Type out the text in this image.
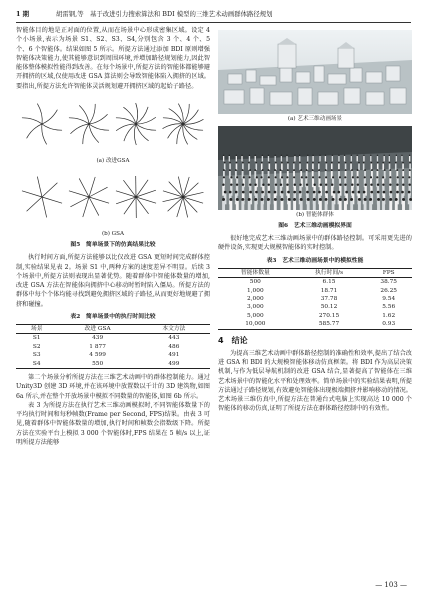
1 期	胡雷钢,等　基于改进引力搜索算法和 BDI 模型的三维艺术动画群体路径规划

智能体目的地是正对面的位置,从而在场景中心形成密集区域。设定 4 个小场景,表示为场景 S1、S2、S3、S4,分别包含 3 个、4 个、5 个、6 个智能体。结果如图 5 所示。所提方法通过添加 BDI 原则增强智能体决策能力,使其能够意识到周围环境,并增加路径规划能力,因此智能体整体模拟性能得到改善。在每个场景中,所提方法的智能体都能够避开拥挤的区域,仅使用改进 GSA 算法则会导致智能体陷入拥挤的区域。要指出,所提方法允许智能体灵活规划避开拥挤区域的起始子路径。

(a) 改进GSA
(b) GSA
图5　简单场景下的仿真结果比较

执行时间方面,所提方法能够以比仅改进 GSA 更短时间完成群体控制,实验结果见表 2。场景 S1 中,两种方案的速度差异不明显。后续 3 个场景中,所提方法则表现出显著优势。随着群体中智能体数量的增加,改进 GSA 方法在智能体向拥挤中心移动时暂时陷入僵局。所提方法的群体中每个个体均能寻找到避免拥挤区域的子路径,从而更好地规避了拥挤和碰撞。

表2　简单场景中的执行时间比较
场景	改进 GSA	本文方法
S1	439	443
S2	1 877	486
S3	4 599	491
S4	550	499

第二个场景分析所提方法在三维艺术动画中的群体控制能力。通过 Unity3D 创建 3D 环境,并在该环境中放置数以千计的 3D 建筑物,如图 6a 所示,并在整个开放场景中模拟不同数量的智能体,如图 6b 所示。

表 3 为所提方法在执行艺术三维动画模拟时,不同智能体数量下的平均执行时间和每秒帧数(Frame per Second, FPS)结果。由表 3 可见,随着群体中智能体数量的增加,执行时间和帧数会指数级下降。所提方法在实验平台上模拟 3 000 个智能体时,FPS 结果在 5 帧/s 以上,证明所提方法能够

(a) 艺术三维动画场景
(b) 智能体群体
图6　艺术三维动画模拟界面

很好地完成艺术三维动画场景中的群体路径控制。可采用更先进的硬件设备,实现更大规模智能体的实时控制。

表3　艺术三维动画场景中的模拟性能
智能体数量	执行时间/s	FPS
500	6.15	38.75
1,000	18.71	26.25
2,000	37.78	9.54
3,000	50.12	5.56
5,000	270.15	1.62
10,000	585.77	0.93
4　结论

为提高三维艺术动画中群体路径控制的准确性和效率,提出了结合改进 GSA 和 BDI 的大规模智能体移动仿真框架。将 BDI 作为高层决策机制,与作为低层导航机制的改进 GSA 结合,显著提高了智能体在三维艺术场景中的智能化水平和处理效率。简单场景中的实验结果表明,所提方法通过子路径规划,有效避免智能体出现极端拥挤并影响移动的情况。艺术场景三维仿真中,所提方法在普通台式电脑上实现高达 10 000 个智能体的移动仿真,证明了所提方法在群体路径控制中的有效性。

— 103 —
